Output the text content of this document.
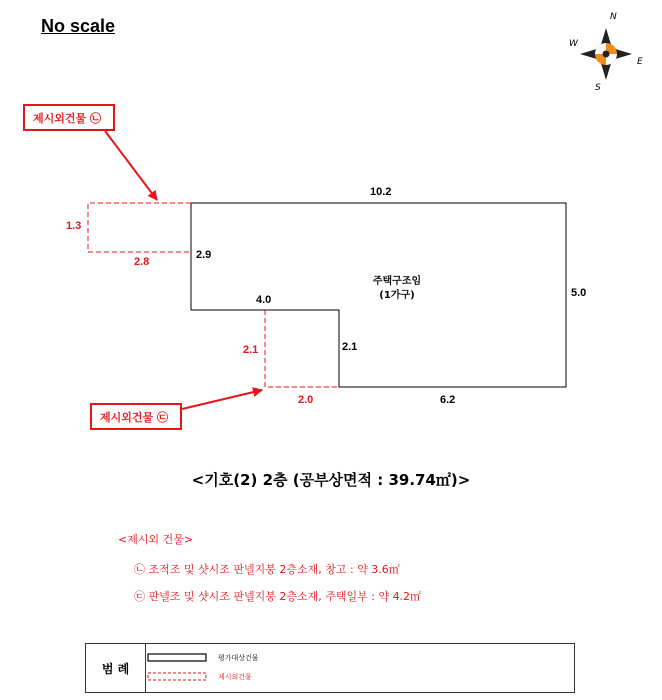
No scale	N
W
E
S
10.2
5.0
2.9
4.0
2.1
6.2
2.8
1.3
2.0
2.1
주택구조임
(1가구)
제시외건물 ㉡
제시외건물 ㉢
<기호(2) 2층 (공부상면적 : 39.74㎡)>
<제시외 건물>
㉡ 조적조 및 샷시조 판넬지붕 2층소재, 창고 : 약 3.6㎡
㉢ 판넬조 및 샷시조 판넬지붕 2층소재, 주택일부 : 약 4.2㎡
범 례
평가대상건물
제시외건물
